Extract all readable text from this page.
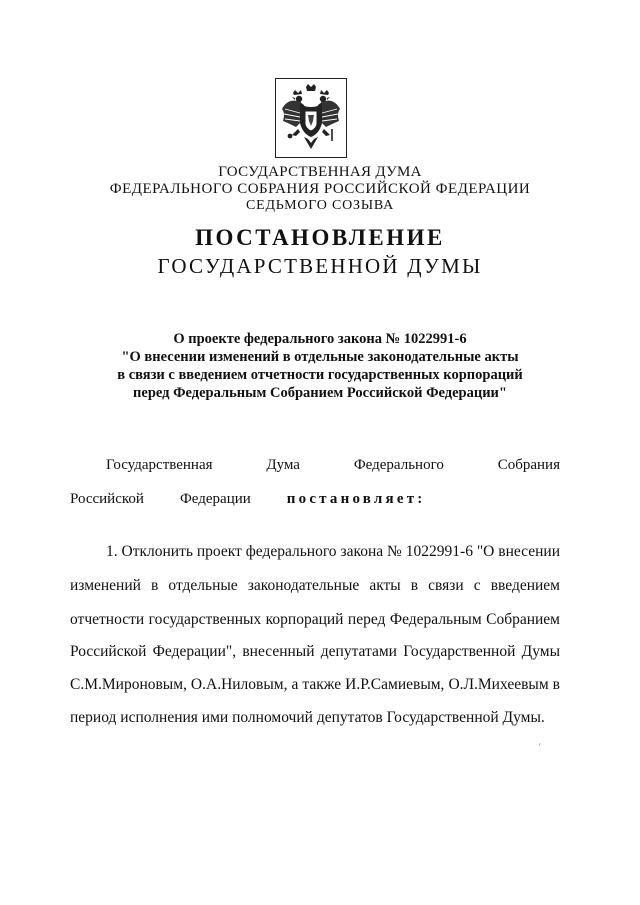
ГОСУДАРСТВЕННАЯ ДУМА
ФЕДЕРАЛЬНОГО СОБРАНИЯ РОССИЙСКОЙ ФЕДЕРАЦИИ
СЕДЬМОГО СОЗЫВА
ПОСТАНОВЛЕНИЕ
ГОСУДАРСТВЕННОЙ ДУМЫ
О проекте федерального закона № 1022991-6
"О внесении изменений в отдельные законодательные акты
в связи с введением отчетности государственных корпораций
перед Федеральным Собранием Российской Федерации"
Государственная	Дума	Федерального	Собрания
Российской Федерации постановляет:
1. Отклонить проект федерального закона № 1022991-6 "О внесении
изменений в отдельные законодательные акты в связи с введением
отчетности государственных корпораций перед Федеральным Собранием
Российской Федерации", внесенный депутатами Государственной Думы
С.М.Мироновым, О.А.Ниловым, а также И.Р.Самиевым, О.Л.Михеевым в
период исполнения ими полномочий депутатов Государственной Думы.
'
